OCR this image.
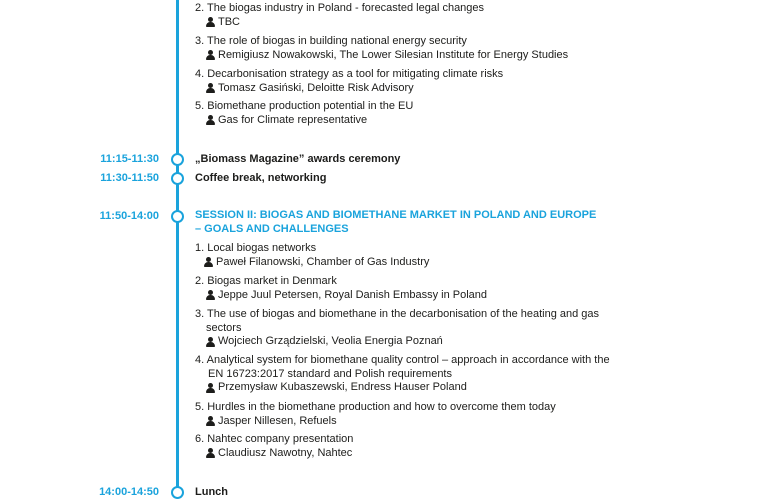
2. The biogas industry in Poland - forecasted legal changes
TBC
3. The role of biogas in building national energy security
Remigiusz Nowakowski, The Lower Silesian Institute for Energy Studies
4. Decarbonisation strategy as a tool for mitigating climate risks
Tomasz Gasiński, Deloitte Risk Advisory
5. Biomethane production potential in the EU
Gas for Climate representative
11:15-11:30	„Biomass Magazine” awards ceremony
11:30-11:50	Coffee break, networking
11:50-14:00	SESSION II: BIOGAS AND BIOMETHANE MARKET IN POLAND AND EUROPE
– GOALS AND CHALLENGES
1. Local biogas networks
Paweł Filanowski, Chamber of Gas Industry
2. Biogas market in Denmark
Jeppe Juul Petersen, Royal Danish Embassy in Poland
3. The use of biogas and biomethane in the decarbonisation of the heating and gas
sectors
Wojciech Grządzielski, Veolia Energia Poznań
4. Analytical system for biomethane quality control – approach in accordance with the
EN 16723:2017 standard and Polish requirements
Przemysław Kubaszewski, Endress Hauser Poland
5. Hurdles in the biomethane production and how to overcome them today
Jasper Nillesen, Refuels
6. Nahtec company presentation
Claudiusz Nawotny, Nahtec
14:00-14:50	Lunch
